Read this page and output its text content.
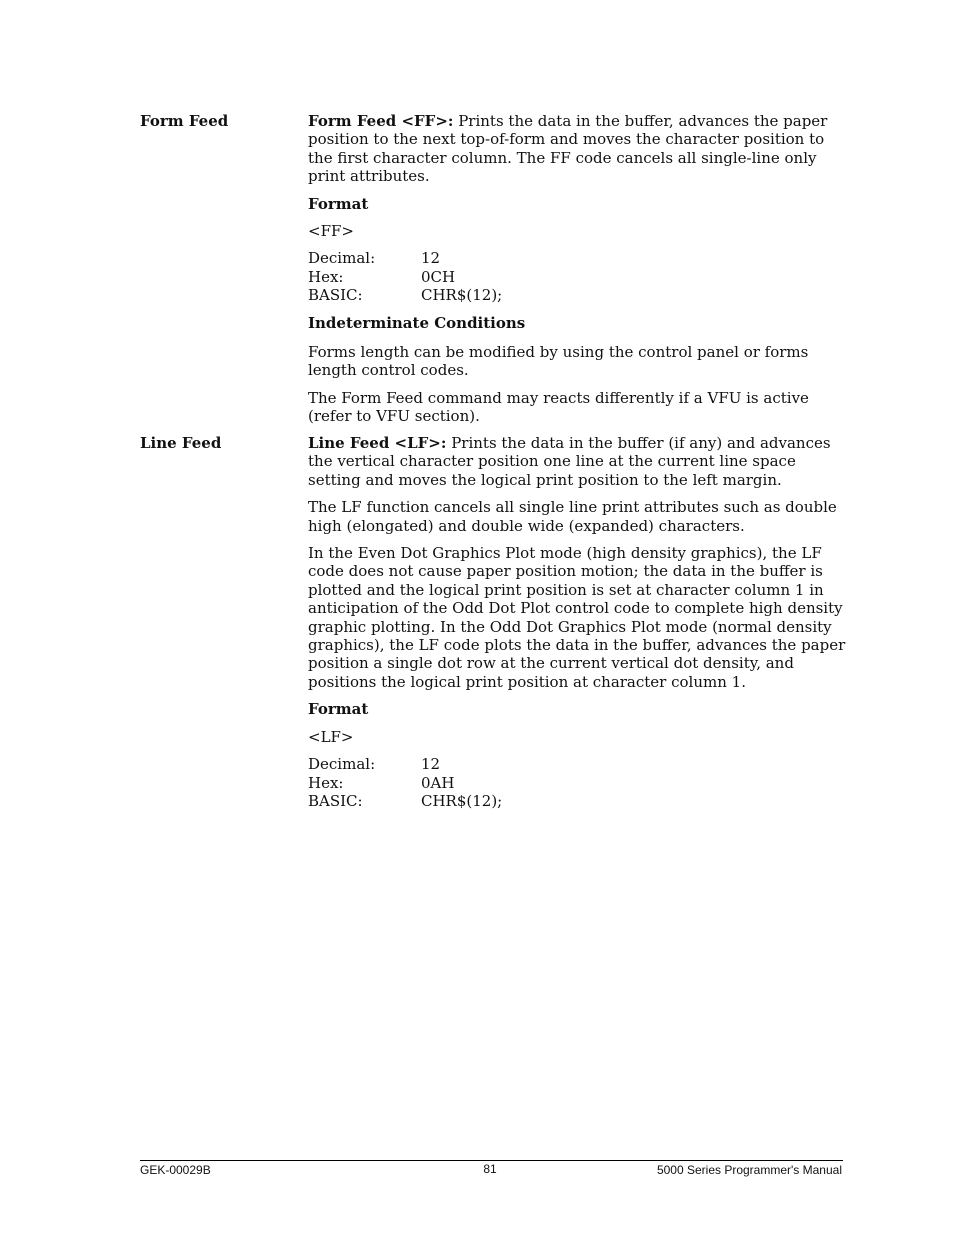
Form Feed	Form Feed <FF>: Prints the data in the buffer, advances the paper position to the next top-of-form and moves the character position to the first character column. The FF code cancels all single-line only print attributes.

Format

<FF>

Decimal:	12
Hex:	0CH
BASIC:	CHR$(12);

Indeterminate Conditions

Forms length can be modified by using the control panel or forms length control codes.

The Form Feed command may reacts differently if a VFU is active (refer to VFU section).

Line Feed	Line Feed <LF>: Prints the data in the buffer (if any) and advances the vertical character position one line at the current line space setting and moves the logical print position to the left margin.

The LF function cancels all single line print attributes such as double high (elongated) and double wide (expanded) characters.

In the Even Dot Graphics Plot mode (high density graphics), the LF code does not cause paper position motion; the data in the buffer is plotted and the logical print position is set at character column 1 in anticipation of the Odd Dot Plot control code to complete high density graphic plotting. In the Odd Dot Graphics Plot mode (normal density graphics), the LF code plots the data in the buffer, advances the paper position a single dot row at the current vertical dot density, and positions the logical print position at character column 1.

Format

<LF>

Decimal:	12
Hex:	0AH
BASIC:	CHR$(12);
GEK-00029B	81	5000 Series Programmer's Manual
